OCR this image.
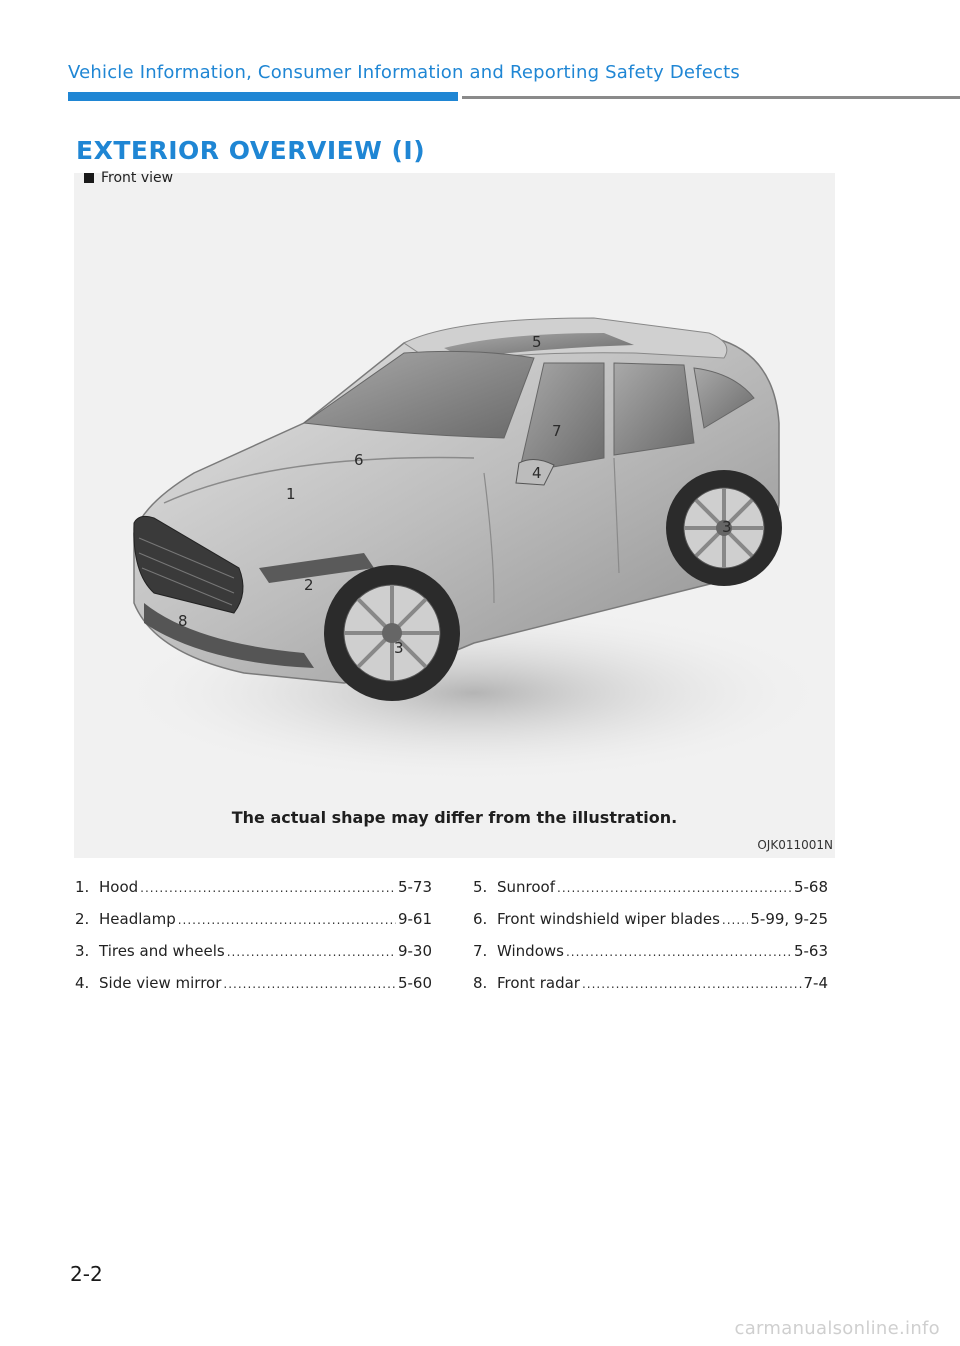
Vehicle Information, Consumer Information and Reporting Safety Defects
EXTERIOR OVERVIEW (I)
5
7
6
4
1
3
2
8
3
The actual shape may differ from the illustration.
OJK011001N
Front view
1. Hood .....	5-73
2. Headlamp .....	9-61
3. Tires and wheels .....	9-30
4. Side view mirror .....	5-60
5. Sunroof .....	5-68
6. Front windshield wiper blades ..... 5-99, 9-25
7. Windows .....	5-63
8. Front radar .....	7-4
2-2
carmanualsonline.info
